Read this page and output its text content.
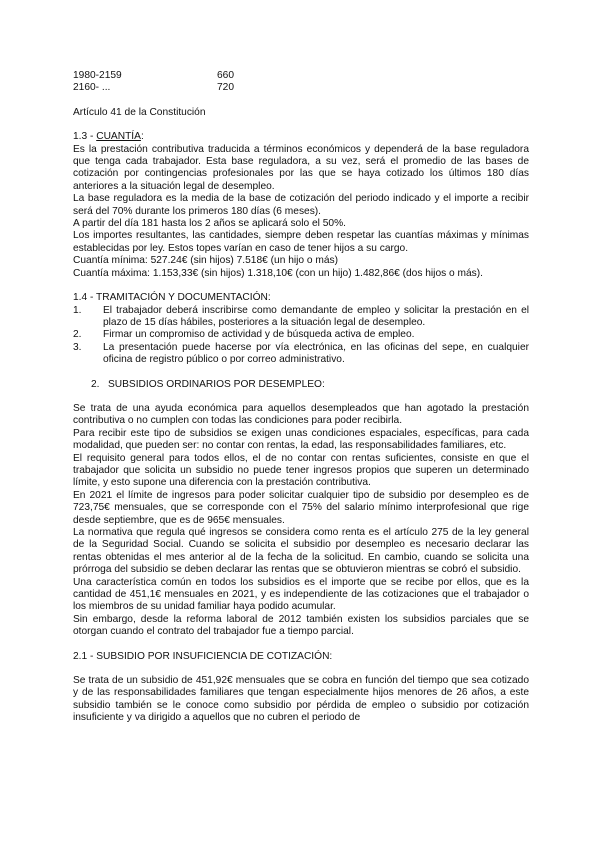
1980-2159	660
2160- ...	720

Artículo 41 de la Constitución

1.3 - CUANTÍA:

Es la prestación contributiva traducida a términos económicos y dependerá de la base reguladora que tenga cada trabajador. Esta base reguladora, a su vez, será el promedio de las bases de cotización por contingencias profesionales por las que se haya cotizado los últimos 180 días anteriores a la situación legal de desempleo.

La base reguladora es la media de la base de cotización del periodo indicado y el importe a recibir será del 70% durante los primeros 180 días (6 meses).

A partir del día 181 hasta los 2 años se aplicará solo el 50%.

Los importes resultantes, las cantidades, siempre deben respetar las cuantías máximas y mínimas establecidas por ley. Estos topes varían en caso de tener hijos a su cargo.

Cuantía mínima: 527.24€ (sin hijos) 7.518€ (un hijo o más)

Cuantía máxima: 1.153,33€ (sin hijos) 1.318,10€ (con un hijo) 1.482,86€ (dos hijos o más).

1.4 - TRAMITACIÓN Y DOCUMENTACIÓN:

1.	El trabajador deberá inscribirse como demandante de empleo y solicitar la prestación en el plazo de 15 días hábiles, posteriores a la situación legal de desempleo.
2.	Firmar un compromiso de actividad y de búsqueda activa de empleo.
3.	La presentación puede hacerse por vía electrónica, en las oficinas del sepe, en cualquier oficina de registro público o por correo administrativo.

2.   SUBSIDIOS ORDINARIOS POR DESEMPLEO:

Se trata de una ayuda económica para aquellos desempleados que han agotado la prestación contributiva o no cumplen con todas las condiciones para poder recibirla.

Para recibir este tipo de subsidios se exigen unas condiciones espaciales, específicas, para cada modalidad, que pueden ser: no contar con rentas, la edad, las responsabilidades familiares, etc.

El requisito general para todos ellos, el de no contar con rentas suficientes, consiste en que el trabajador que solicita un subsidio no puede tener ingresos propios que superen un determinado límite, y esto supone una diferencia con la prestación contributiva.

En 2021 el límite de ingresos para poder solicitar cualquier tipo de subsidio por desempleo es de 723,75€ mensuales, que se corresponde con el 75% del salario mínimo interprofesional que rige desde septiembre, que es de 965€ mensuales.

La normativa que regula qué ingresos se considera como renta es el artículo 275 de la ley general de la Seguridad Social. Cuando se solicita el subsidio por desempleo es necesario declarar las rentas obtenidas el mes anterior al de la fecha de la solicitud. En cambio, cuando se solicita una prórroga del subsidio se deben declarar las rentas que se obtuvieron mientras se cobró el subsidio.

Una característica común en todos los subsidios es el importe que se recibe por ellos, que es la cantidad de 451,1€ mensuales en 2021, y es independiente de las cotizaciones que el trabajador o los miembros de su unidad familiar haya podido acumular.

Sin embargo, desde la reforma laboral de 2012 también existen los subsidios parciales que se otorgan cuando el contrato del trabajador fue a tiempo parcial.

2.1 - SUBSIDIO POR INSUFICIENCIA DE COTIZACIÓN:

Se trata de un subsidio de 451,92€ mensuales que se cobra en función del tiempo que sea cotizado y de las responsabilidades familiares que tengan especialmente hijos menores de 26 años, a este subsidio también se le conoce como subsidio por pérdida de empleo o subsidio por cotización insuficiente y va dirigido a aquellos que no cubren el periodo de
